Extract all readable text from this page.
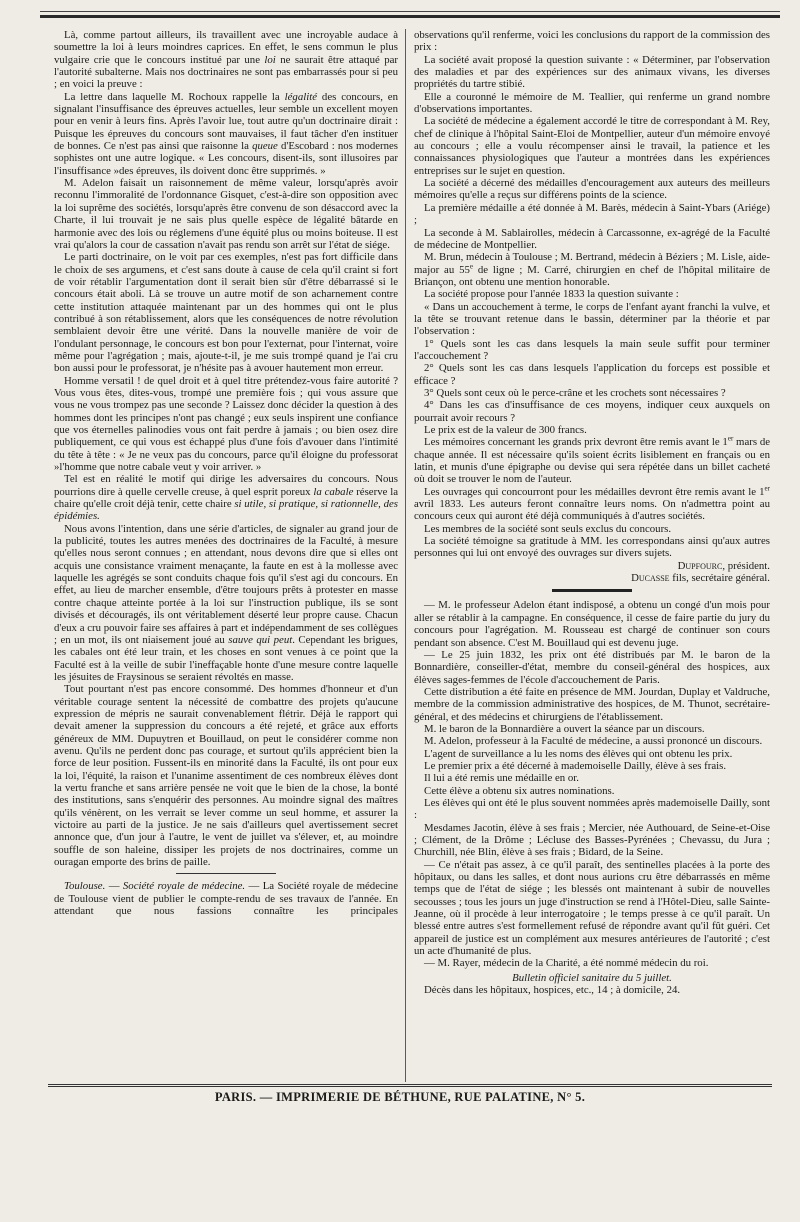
Là, comme partout ailleurs, ils travaillent avec une incroyable audace à soumettre la loi à leurs moindres caprices. En effet, le sens commun le plus vulgaire crie que le concours institué par une loi ne saurait être attaqué par l'autorité subalterne. Mais nos doctrinaires ne sont pas embarrassés pour si peu ; en voici la preuve :

La lettre dans laquelle M. Rochoux rappelle la légalité des concours, en signalant l'insuffisance des épreuves actuelles, leur semble un excellent moyen pour en venir à leurs fins. Après l'avoir lue, tout autre qu'un doctrinaire dirait : Puisque les épreuves du concours sont mauvaises, il faut tâcher d'en instituer de bonnes. Ce n'est pas ainsi que raisonne la queue d'Escobard : nos modernes sophistes ont une autre logique. « Les concours, disent-ils, sont illusoires par l'insuffisance »des épreuves, ils doivent donc être supprimés. »

M. Adelon faisait un raisonnement de même valeur, lorsqu'après avoir reconnu l'immoralité de l'ordonnance Gisquet, c'est-à-dire son opposition avec la loi suprême des sociétés, lorsqu'après être convenu de son désaccord avec la Charte, il lui trouvait je ne sais plus quelle espèce de légalité bâtarde en harmonie avec des lois ou réglemens d'une équité plus ou moins boiteuse. Il est vrai qu'alors la cour de cassation n'avait pas rendu son arrêt sur l'état de siége.

Le parti doctrinaire, on le voit par ces exemples, n'est pas fort difficile dans le choix de ses argumens, et c'est sans doute à cause de cela qu'il craint si fort de voir rétablir l'argumentation dont il serait bien sûr d'être débarrassé si le concours était aboli. Là se trouve un autre motif de son acharnement contre cette institution attaquée maintenant par un des hommes qui ont le plus contribué à son rétablissement, alors que les conséquences de notre révolution semblaient devoir être une vérité. Dans la nouvelle manière de voir de l'ondulant personnage, le concours est bon pour l'externat, pour l'internat, voire même pour l'agrégation ; mais, ajoute-t-il, je me suis trompé quand je l'ai cru bon aussi pour le professorat, je n'hésite pas à avouer hautement mon erreur.

Homme versatil ! de quel droit et à quel titre prétendez-vous faire autorité ? Vous vous êtes, dites-vous, trompé une première fois ; qui vous assure que vous ne vous trompez pas une seconde ? Laissez donc décider la question à des hommes dont les principes n'ont pas changé ; eux seuls inspirent une confiance que vos éternelles palinodies vous ont fait perdre à jamais ; ou bien osez dire publiquement, ce qui vous est échappé plus d'une fois d'avouer dans l'intimité du tête à tête : « Je ne veux pas du concours, parce qu'il éloigne du professorat »l'homme que notre cabale veut y voir arriver. »

Tel est en réalité le motif qui dirige les adversaires du concours. Nous pourrions dire à quelle cervelle creuse, à quel esprit poreux la cabale réserve la chaire qu'elle croit déjà tenir, cette chaire si utile, si pratique, si rationnelle, des épidémies.

Nous avons l'intention, dans une série d'articles, de signaler au grand jour de la publicité, toutes les autres menées des doctrinaires de la Faculté, à mesure qu'elles nous seront connues ; en attendant, nous devons dire que si elles ont acquis une consistance vraiment menaçante, la faute en est à la mollesse avec laquelle les agrégés se sont conduits chaque fois qu'il s'est agi du concours. En effet, au lieu de marcher ensemble, d'être toujours prêts à protester en masse contre chaque atteinte portée à la loi sur l'instruction publique, ils se sont divisés et découragés, ils ont véritablement déserté leur propre cause. Chacun d'eux a cru pouvoir faire ses affaires à part et indépendamment de ses collègues ; en un mot, ils ont niaisement joué au sauve qui peut. Cependant les brigues, les cabales ont été leur train, et les choses en sont venues à ce point que la Faculté est à la veille de subir l'ineffaçable honte d'une mesure contre laquelle les jésuites de Fraysinous se seraient révoltés en masse.

Tout pourtant n'est pas encore consommé. Des hommes d'honneur et d'un véritable courage sentent la nécessité de combattre des projets qu'aucune expression de mépris ne saurait convenablement flétrir. Déjà le rapport qui devait amener la suppression du concours a été rejeté, et grâce aux efforts généreux de MM. Dupuytren et Bouillaud, on peut le considérer comme non avenu. Qu'ils ne perdent donc pas courage, et surtout qu'ils apprécient bien la force de leur position. Fussent-ils en minorité dans la Faculté, ils ont pour eux la loi, l'équité, la raison et l'unanime assentiment de ces nombreux élèves dont la vertu franche et sans arrière pensée ne voit que le bien de la chose, la bonté des institutions, sans s'enquérir des personnes. Au moindre signal des maîtres qu'ils vénèrent, on les verrait se lever comme un seul homme, et assurer la victoire au parti de la justice. Je ne sais d'ailleurs quel avertissement secret annonce que, d'un jour à l'autre, le vent de juillet va s'élever, et, au moindre souffle de son haleine, dissiper les projets de nos doctrinaires, comme un ouragan emporte des brins de paille.

Toulouse. — Société royale de médecine. — La Société royale de médecine de Toulouse vient de publier le compte-rendu de ses travaux de l'année. En attendant que nous fassions connaître les principales

observations qu'il renferme, voici les conclusions du rapport de la commission des prix :

La société avait proposé la question suivante : « Déterminer, par l'observation des maladies et par des expériences sur des animaux vivans, les diverses propriétés du tartre stibié.

Elle a couronné le mémoire de M. Teallier, qui renferme un grand nombre d'observations importantes.

La société de médecine a également accordé le titre de correspondant à M. Rey, chef de clinique à l'hôpital Saint-Eloi de Montpellier, auteur d'un mémoire envoyé au concours ; elle a voulu récompenser ainsi le travail, la patience et les connaissances physiologiques que l'auteur a montrées dans les expériences entreprises sur le sujet en question.

La société a décerné des médailles d'encouragement aux auteurs des meilleurs mémoires qu'elle a reçus sur différens points de la science.

La première médaille a été donnée à M. Barès, médecin à Saint-Ybars (Ariége) ;

La seconde à M. Sablairolles, médecin à Carcassonne, ex-agrégé de la Faculté de médecine de Montpellier.

M. Brun, médecin à Toulouse ; M. Bertrand, médecin à Béziers ; M. Lisle, aide-major au 55e de ligne ; M. Carré, chirurgien en chef de l'hôpital militaire de Briançon, ont obtenu une mention honorable.

La société propose pour l'année 1833 la question suivante :

« Dans un accouchement à terme, le corps de l'enfant ayant franchi la vulve, et la tête se trouvant retenue dans le bassin, déterminer par la théorie et par l'observation :

1° Quels sont les cas dans lesquels la main seule suffit pour terminer l'accouchement ?

2° Quels sont les cas dans lesquels l'application du forceps est possible et efficace ?

3° Quels sont ceux où le perce-crâne et les crochets sont nécessaires ?

4° Dans les cas d'insuffisance de ces moyens, indiquer ceux auxquels on pourrait avoir recours ?

Le prix est de la valeur de 300 francs.

Les mémoires concernant les grands prix devront être remis avant le 1er mars de chaque année. Il est nécessaire qu'ils soient écrits lisiblement en français ou en latin, et munis d'une épigraphe ou devise qui sera répétée dans un billet cacheté où doit se trouver le nom de l'auteur.

Les ouvrages qui concourront pour les médailles devront être remis avant le 1er avril 1833. Les auteurs feront connaître leurs noms. On n'admettra point au concours ceux qui auront été déjà communiqués à d'autres sociétés.

Les membres de la société sont seuls exclus du concours.

La société témoigne sa gratitude à MM. les correspondans ainsi qu'aux autres personnes qui lui ont envoyé des ouvrages sur divers sujets.

Dupfourc, président.

Ducasse fils, secrétaire général.

— M. le professeur Adelon étant indisposé, a obtenu un congé d'un mois pour aller se rétablir à la campagne. En conséquence, il cesse de faire partie du jury du concours pour l'agrégation. M. Rousseau est chargé de continuer son cours pendant son absence. C'est M. Bouillaud qui est devenu juge.

— Le 25 juin 1832, les prix ont été distribués par M. le baron de la Bonnardière, conseiller-d'état, membre du conseil-général des hospices, aux élèves sages-femmes de l'école d'accouchement de Paris.

Cette distribution a été faite en présence de MM. Jourdan, Duplay et Valdruche, membre de la commission administrative des hospices, de M. Thunot, secrétaire-général, et des médecins et chirurgiens de l'établissement.

M. le baron de la Bonnardière a ouvert la séance par un discours.

M. Adelon, professeur à la Faculté de médecine, a aussi prononcé un discours.

L'agent de surveillance a lu les noms des élèves qui ont obtenu les prix.

Le premier prix a été décerné à mademoiselle Dailly, élève à ses frais.

Il lui a été remis une médaille en or.

Cette élève a obtenu six autres nominations.

Les élèves qui ont été le plus souvent nommées après mademoiselle Dailly, sont :

Mesdames Jacotin, élève à ses frais ; Mercier, née Authouard, de Seine-et-Oise ; Clément, de la Drôme ; Lécluse des Basses-Pyrénées ; Chevassu, du Jura ; Churchill, née Blin, élève à ses frais ; Bidard, de la Seine.

— Ce n'était pas assez, à ce qu'il paraît, des sentinelles placées à la porte des hôpitaux, ou dans les salles, et dont nous aurions cru être débarrassés en même temps que de l'état de siége ; les blessés ont maintenant à subir de nouvelles secousses ; tous les jours un juge d'instruction se rend à l'Hôtel-Dieu, salle Sainte-Jeanne, où il procède à leur interrogatoire ; le temps presse à ce qu'il paraît. Un blessé entre autres s'est formellement refusé de répondre avant qu'il fût guéri. Cet appareil de justice est un complément aux mesures antérieures de l'autorité ; c'est un acte d'humanité de plus.

— M. Rayer, médecin de la Charité, a été nommé médecin du roi.

Bulletin officiel sanitaire du 5 juillet.

Décès dans les hôpitaux, hospices, etc., 14 ; à domicile, 24.

PARIS. — IMPRIMERIE DE BÉTHUNE, RUE PALATINE, N° 5.
